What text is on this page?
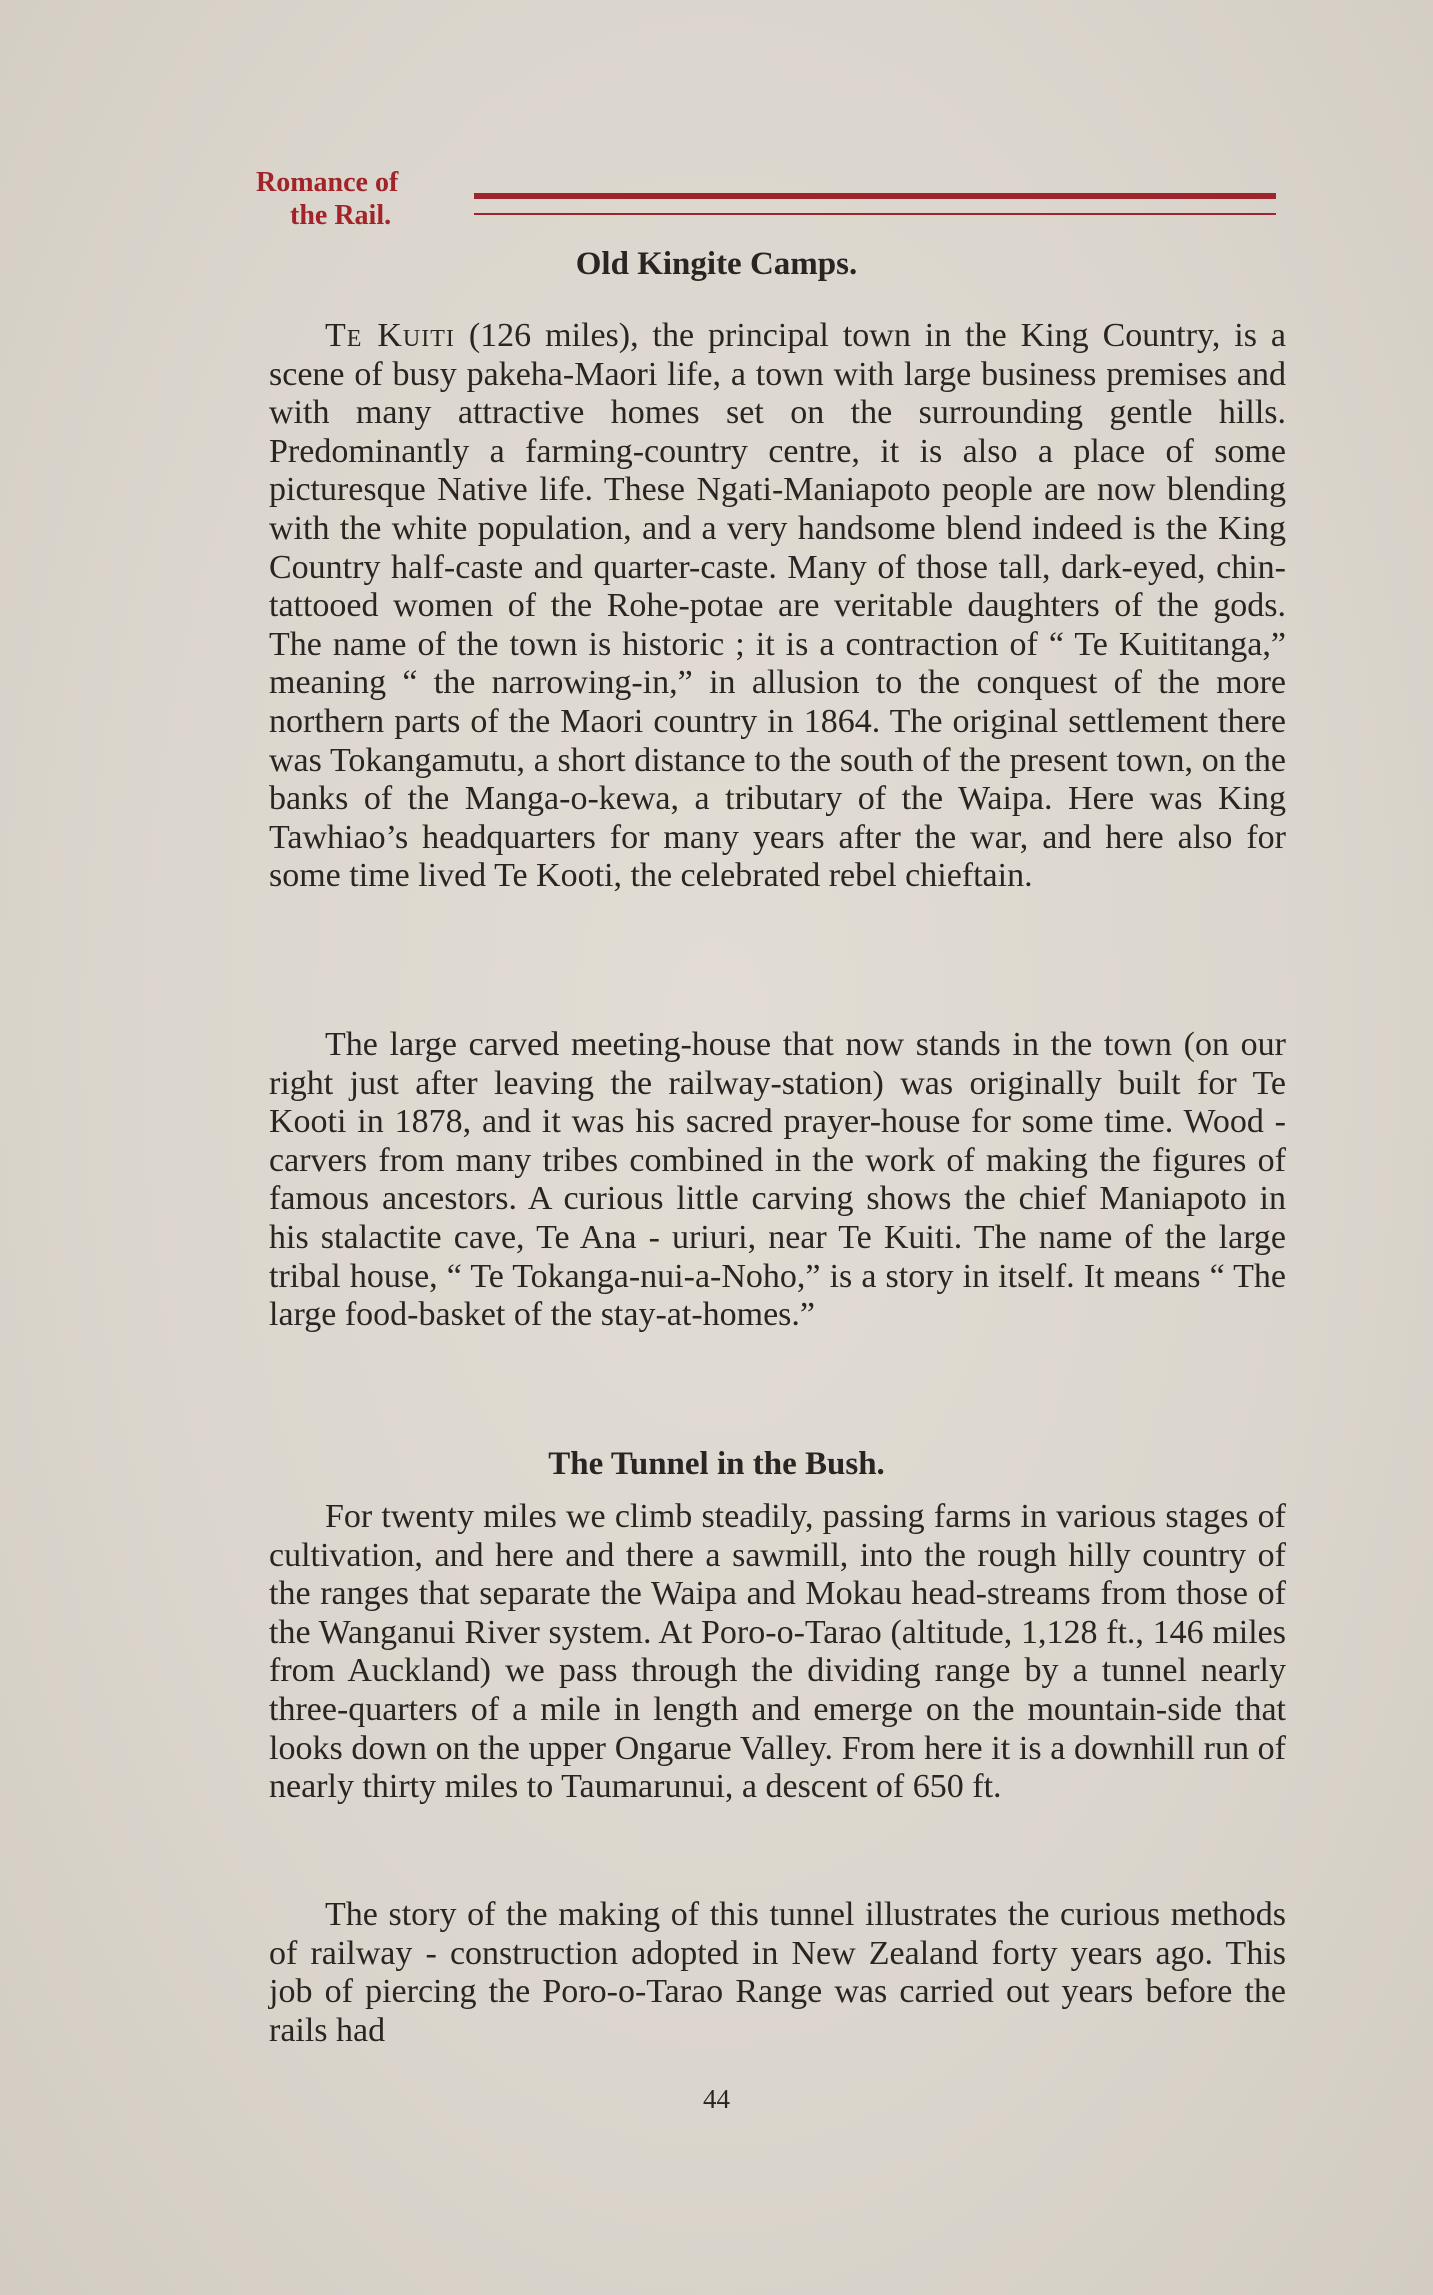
Romance of
the Rail.
Old Kingite Camps.

Te Kuiti (126 miles), the principal town in the King Country, is a scene of busy pakeha-Maori life, a town with large business premises and with many attractive homes set on the surrounding gentle hills. Predominantly a farming-country centre, it is also a place of some picturesque Native life. These Ngati-Maniapoto people are now blending with the white population, and a very handsome blend indeed is the King Country half-caste and quarter-caste. Many of those tall, dark-eyed, chin-tattooed women of the Rohe-potae are veritable daughters of the gods. The name of the town is historic ; it is a contraction of “ Te Kuititanga,” meaning “ the narrowing-in,” in allusion to the conquest of the more northern parts of the Maori country in 1864. The original settlement there was Tokangamutu, a short distance to the south of the present town, on the banks of the Manga-o-kewa, a tributary of the Waipa. Here was King Tawhiao’s headquarters for many years after the war, and here also for some time lived Te Kooti, the celebrated rebel chieftain.

The large carved meeting-house that now stands in the town (on our right just after leaving the railway-station) was originally built for Te Kooti in 1878, and it was his sacred prayer-house for some time. Wood - carvers from many tribes combined in the work of making the figures of famous ancestors. A curious little carving shows the chief Maniapoto in his stalactite cave, Te Ana - uriuri, near Te Kuiti. The name of the large tribal house, “ Te Tokanga-nui-a-Noho,” is a story in itself. It means “ The large food-basket of the stay-at-homes.”

The Tunnel in the Bush.

For twenty miles we climb steadily, passing farms in various stages of cultivation, and here and there a sawmill, into the rough hilly country of the ranges that separate the Waipa and Mokau head-streams from those of the Wanganui River system. At Poro-o-Tarao (altitude, 1,128 ft., 146 miles from Auckland) we pass through the dividing range by a tunnel nearly three-quarters of a mile in length and emerge on the mountain-side that looks down on the upper Ongarue Valley. From here it is a downhill run of nearly thirty miles to Taumarunui, a descent of 650 ft.

The story of the making of this tunnel illustrates the curious methods of railway - construction adopted in New Zealand forty years ago. This job of piercing the Poro-o-Tarao Range was carried out years before the rails had

44
